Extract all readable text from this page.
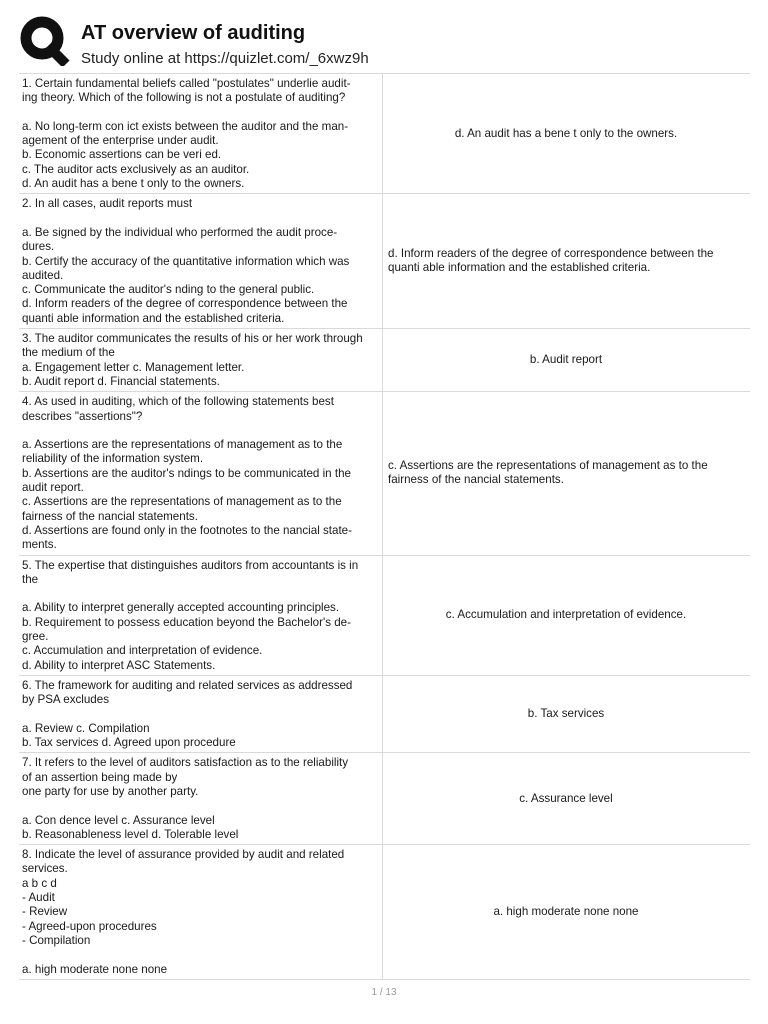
AT overview of auditing
Study online at https://quizlet.com/_6xwz9h
1. Certain fundamental beliefs called "postulates" underlie audit-
ing theory. Which of the following is not a postulate of auditing?

a. No long-term con ict exists between the auditor and the man-
agement of the enterprise under audit.
b. Economic assertions can be veri ed.
c. The auditor acts exclusively as an auditor.
d. An audit has a bene t only to the owners.
d. An audit has a bene t only to the owners.
2. In all cases, audit reports must

a. Be signed by the individual who performed the audit proce-
dures.
b. Certify the accuracy of the quantitative information which was
audited.
c. Communicate the auditor's nding to the general public.
d. Inform readers of the degree of correspondence between the
quanti able information and the established criteria.
d. Inform readers of the degree of correspondence between the quanti able information and the established criteria.
3. The auditor communicates the results of his or her work through
the medium of the
a. Engagement letter c. Management letter.
b. Audit report d. Financial statements.
b. Audit report
4. As used in auditing, which of the following statements best
describes "assertions"?

a. Assertions are the representations of management as to the
reliability of the information system.
b. Assertions are the auditor's ndings to be communicated in the
audit report.
c. Assertions are the representations of management as to the
fairness of the nancial statements.
d. Assertions are found only in the footnotes to the nancial state-
ments.
c. Assertions are the representations of management as to the fairness of the nancial statements.
5. The expertise that distinguishes auditors from accountants is in
the

a. Ability to interpret generally accepted accounting principles.
b. Requirement to possess education beyond the Bachelor's de-
gree.
c. Accumulation and interpretation of evidence.
d. Ability to interpret ASC Statements.
c. Accumulation and interpretation of evidence.
6. The framework for auditing and related services as addressed
by PSA excludes

a. Review c. Compilation
b. Tax services d. Agreed upon procedure
b. Tax services
7. It refers to the level of auditors satisfaction as to the reliability
of an assertion being made by
one party for use by another party.

a. Con dence level c. Assurance level
b. Reasonableness level d. Tolerable level
c. Assurance level
8. Indicate the level of assurance provided by audit and related
services.
a b c d
- Audit
- Review
- Agreed-upon procedures
- Compilation

a. high moderate none none
a. high moderate none none
1 / 13
